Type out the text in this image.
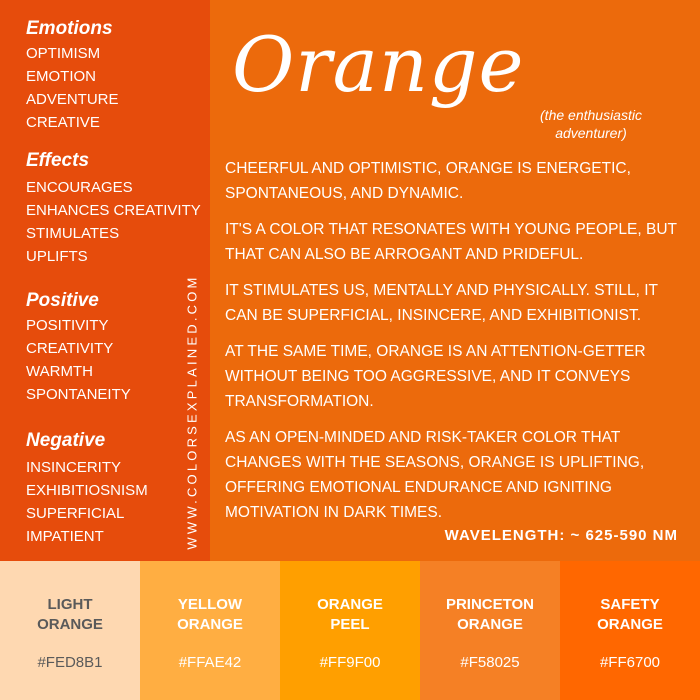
Emotions
OPTIMISM
EMOTION
ADVENTURE
CREATIVE
Effects
ENCOURAGES
ENHANCES CREATIVITY
STIMULATES
UPLIFTS
Positive
POSITIVITY
CREATIVITY
WARMTH
SPONTANEITY
Negative
INSINCERITY
EXHIBITIOSNISM
SUPERFICIAL
IMPATIENT	WWW.COLORSEXPLAINED.COM
Orange
(the enthusiastic adventurer)

CHEERFUL AND OPTIMISTIC, ORANGE IS ENERGETIC, SPONTANEOUS, AND DYNAMIC.

IT'S A COLOR THAT RESONATES WITH YOUNG PEOPLE, BUT THAT CAN ALSO BE ARROGANT AND PRIDEFUL.

IT STIMULATES US, MENTALLY AND PHYSICALLY. STILL, IT CAN BE SUPERFICIAL, INSINCERE, AND EXHIBITIONIST.

AT THE SAME TIME, ORANGE IS AN ATTENTION-GETTER WITHOUT BEING TOO AGGRESSIVE, AND IT CONVEYS TRANSFORMATION.

AS AN OPEN-MINDED AND RISK-TAKER COLOR THAT CHANGES WITH THE SEASONS, ORANGE IS UPLIFTING, OFFERING EMOTIONAL ENDURANCE AND IGNITING MOTIVATION IN DARK TIMES.

WAVELENGTH: ~ 625-590 NM
LIGHT
ORANGE
#FED8B1
YELLOW
ORANGE
#FFAE42
ORANGE
PEEL
#FF9F00
PRINCETON
ORANGE
#F58025
SAFETY
ORANGE
#FF6700
